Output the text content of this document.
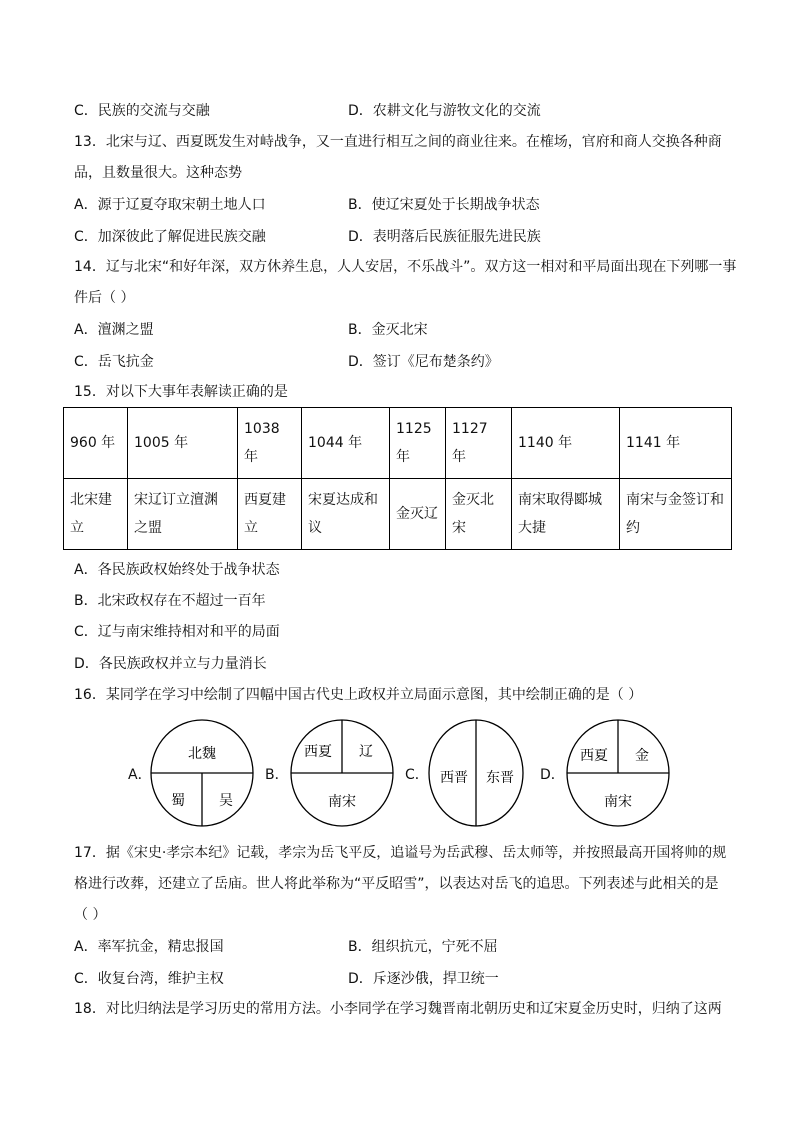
C．民族的交流与交融	D．农耕文化与游牧文化的交流
13．北宋与辽、西夏既发生对峙战争，又一直进行相互之间的商业往来。在榷场，官府和商人交换各种商
品，且数量很大。这种态势
A．源于辽夏夺取宋朝土地人口	B．使辽宋夏处于长期战争状态
C．加深彼此了解促进民族交融	D．表明落后民族征服先进民族
14．辽与北宋“和好年深，双方休养生息，人人安居，不乐战斗”。双方这一相对和平局面出现在下列哪一事
件后（ ）
A．澶渊之盟	B．金灭北宋
C．岳飞抗金	D．签订《尼布楚条约》
15．对以下大事年表解读正确的是
960 年	1005 年	1038 年	1044 年	1125 年	1127 年	1140 年	1141 年
北宋建立	宋辽订立澶渊之盟	西夏建立	宋夏达成和议	金灭辽	金灭北宋	南宋取得郾城大捷	南宋与金签订和约
A．各民族政权始终处于战争状态
B．北宋政权存在不超过一百年
C．辽与南宋维持相对和平的局面
D．各民族政权并立与力量消长
16．某同学在学习中绘制了四幅中国古代史上政权并立局面示意图，其中绘制正确的是（ ）
A．
北魏
蜀 吴
B．
西夏 辽
南宋
C． 西晋 东晋 D．
西夏 金
南宋
17．据《宋史·孝宗本纪》记载，孝宗为岳飞平反，追谥号为岳武穆、岳太师等，并按照最高开国将帅的规
格进行改葬，还建立了岳庙。世人将此举称为“平反昭雪”，以表达对岳飞的追思。下列表述与此相关的是
（ ）
A．率军抗金，精忠报国	B．组织抗元，宁死不屈
C．收复台湾，维护主权	D．斥逐沙俄，捍卫统一
18．对比归纳法是学习历史的常用方法。小李同学在学习魏晋南北朝历史和辽宋夏金历史时，归纳了这两
